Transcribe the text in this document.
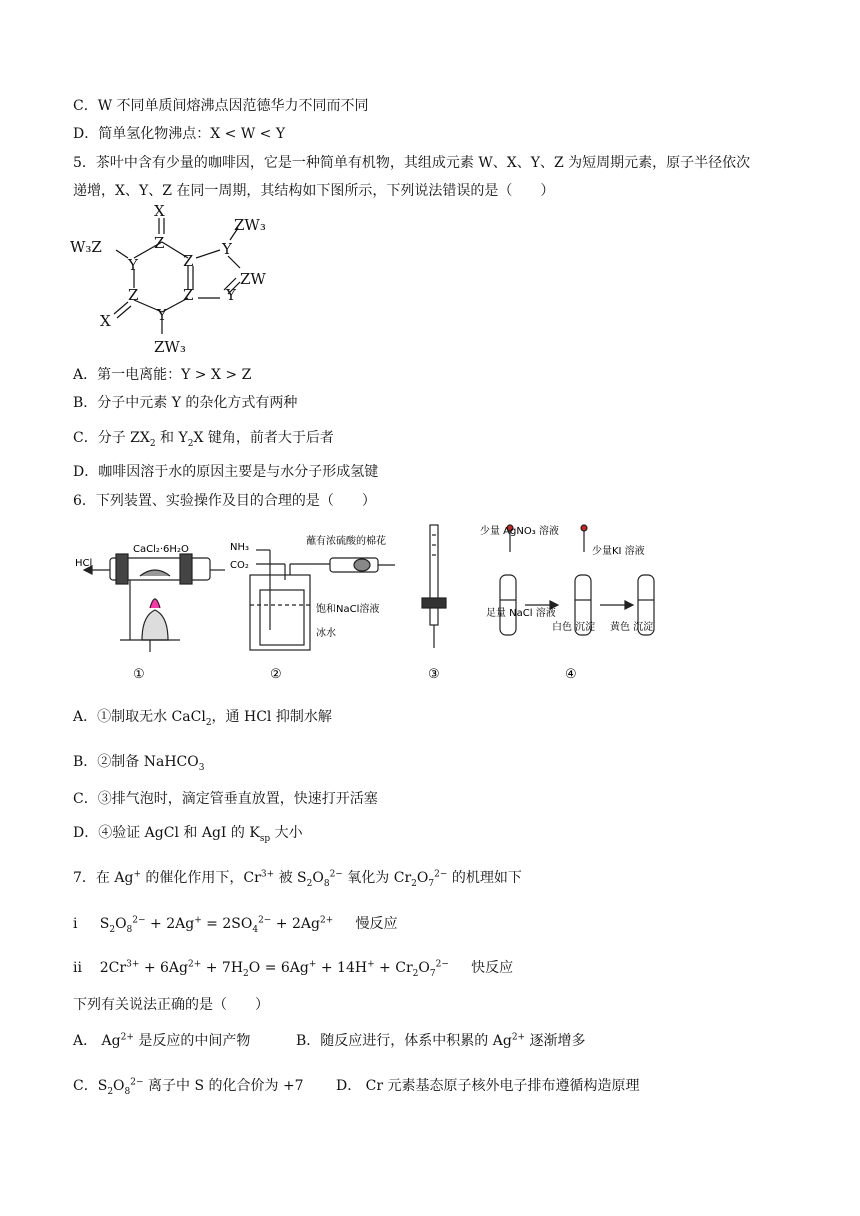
C．W 不同单质间熔沸点因范德华力不同而不同
D．简单氢化物沸点：X < W < Y
5．茶叶中含有少量的咖啡因，它是一种简单有机物，其组成元素 W、X、Y、Z 为短周期元素，原子半径依次
递增，X、Y、Z 在同一周期，其结构如下图所示，下列说法错误的是（　　）
X
Z
Y	Z
Z	Z
Y
Y
Y
W₃Z
X
ZW₃
ZW
ZW₃
A．第一电离能：Y > X > Z
B．分子中元素 Y 的杂化方式有两种
C．分子 $ZX_2$ 和 $Y_2X$ 键角，前者大于后者
D．咖啡因溶于水的原因主要是与水分子形成氢键
6．下列装置、实验操作及目的合理的是（　　）
HCl
CaCl₂·6H₂O
①
NH₃
CO₂
蘸有浓硫酸的棉花
饱和NaCl溶液
冰水
②	③
少量 AgNO₃ 溶液
足量 NaCl 溶液
少量KI 溶液
白色 沉淀 黄色 沉淀
④
A．①制取无水 CaCl$_2$，通 HCl 抑制水解
B．②制备 NaHCO$_3$
C．③排气泡时，滴定管垂直放置，快速打开活塞
D．④验证 AgCl 和 AgI 的 $K_{sp}$ 大小
7．在 Ag+ 的催化作用下，$Cr^{3+}$ 被 $S_2O_8^{2-}$ 氧化为 $Cr_2O_7^{2-}$ 的机理如下
i     $S_2O_8^{2-} + 2Ag^+ = 2SO_4^{2-} + 2Ag^{2+}$ 慢反应
ii    $2Cr^{3+} + 6Ag^{2+} + 7H_2O = 6Ag^+ + 14H^+ + Cr_2O_7^{2-}$ 快反应
下列有关说法正确的是（　　）
A． $Ag^{2+}$ 是反应的中间产物	B．随反应进行，体系中积累的 $Ag^{2+}$ 逐渐增多
C．$S_2O_8^{2-}$ 离子中 S 的化合价为 +7 D． Cr 元素基态原子核外电子排布遵循构造原理
